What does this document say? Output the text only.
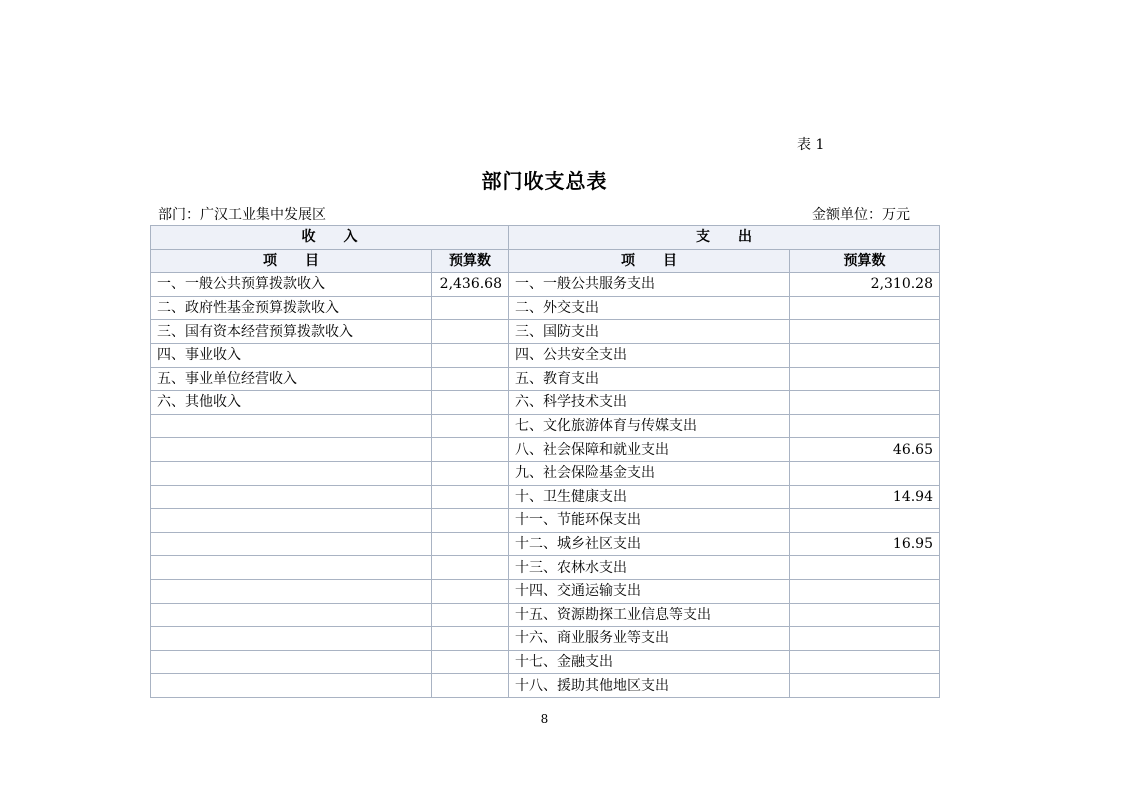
表 1
部门收支总表
部门：广汉工业集中发展区	金额单位：万元
收　　入		支　　出	
项　　目	预算数	项　　目	预算数
一、一般公共预算拨款收入	2,436.68	一、一般公共服务支出	2,310.28
二、政府性基金预算拨款收入		二、外交支出	
三、国有资本经营预算拨款收入		三、国防支出	
四、事业收入		四、公共安全支出	
五、事业单位经营收入		五、教育支出	
六、其他收入		六、科学技术支出	
		七、文化旅游体育与传媒支出	
		八、社会保障和就业支出	46.65
		九、社会保险基金支出	
		十、卫生健康支出	14.94
		十一、节能环保支出	
		十二、城乡社区支出	16.95
		十三、农林水支出	
		十四、交通运输支出	
		十五、资源勘探工业信息等支出	
		十六、商业服务业等支出	
		十七、金融支出	
		十八、援助其他地区支出	
8
